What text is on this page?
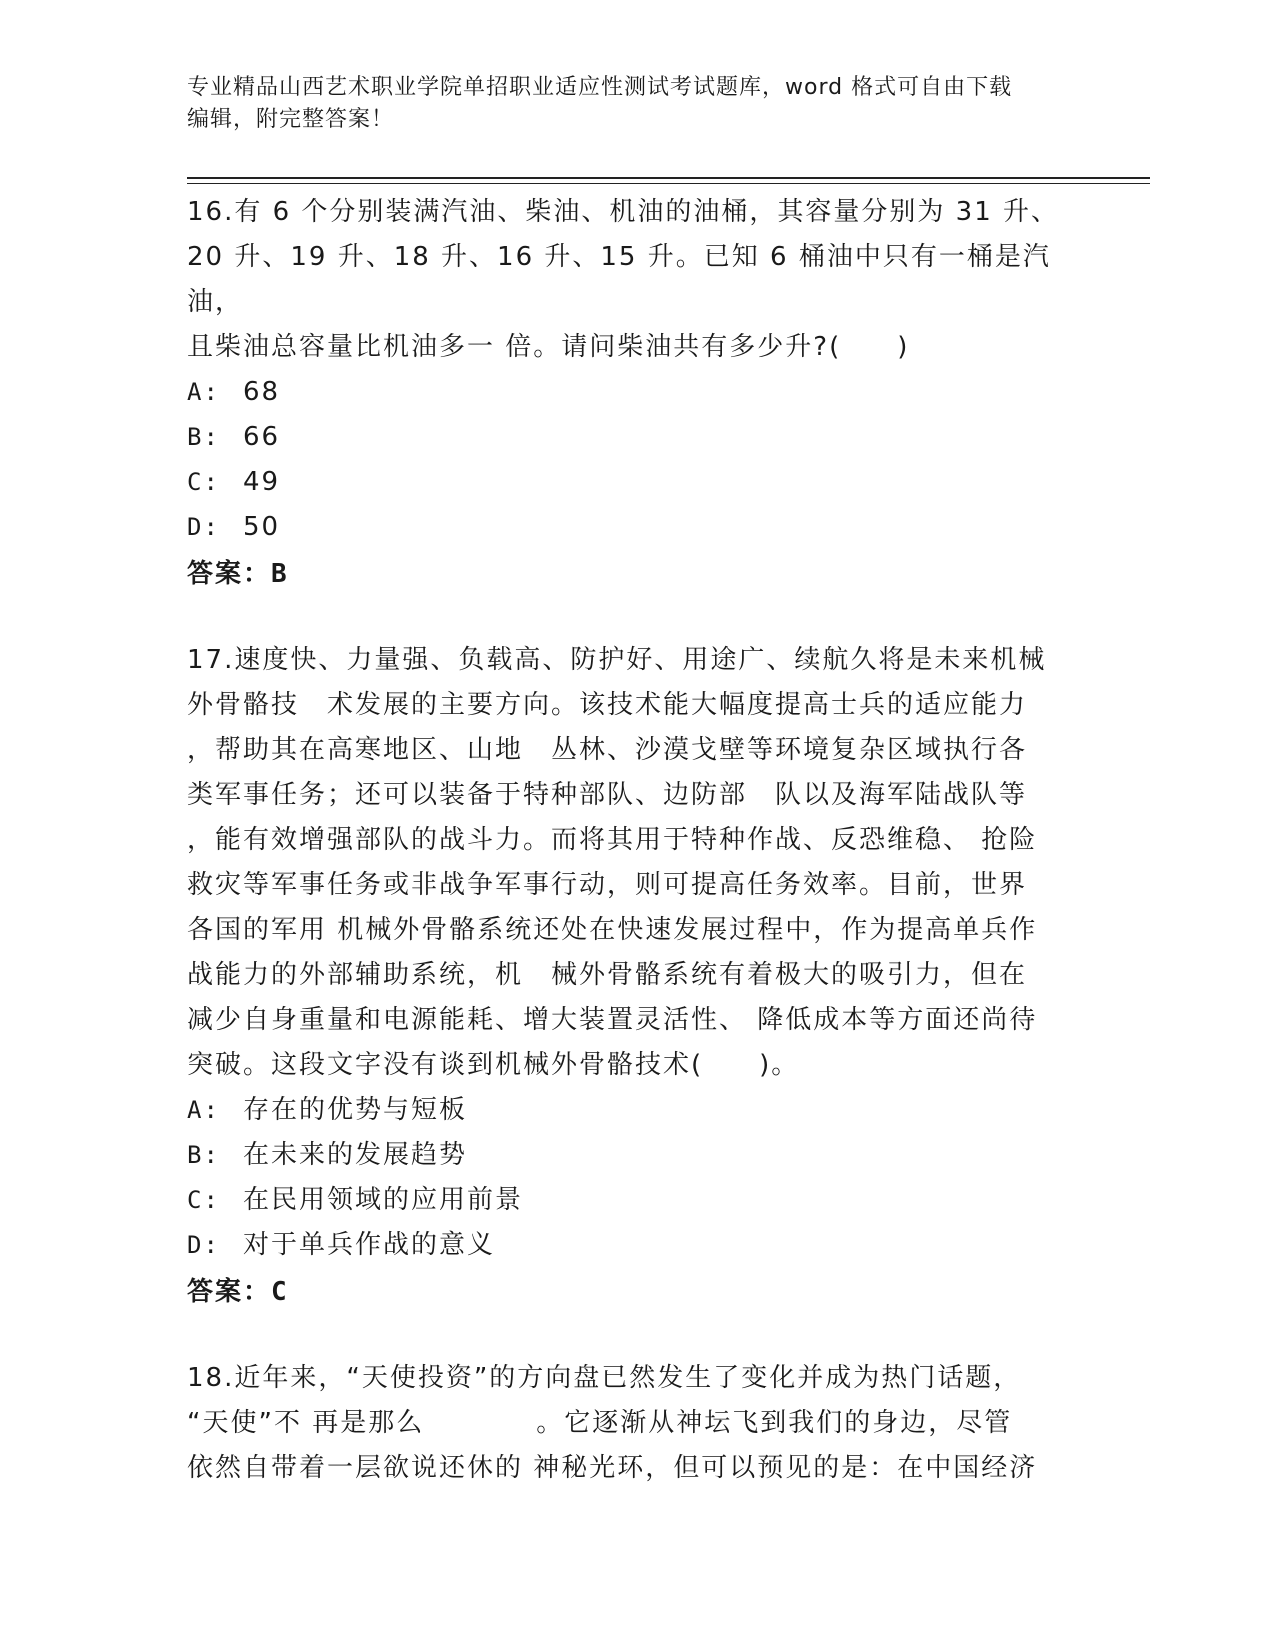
专业精品山西艺术职业学院单招职业适应性测试考试题库，word 格式可自由下载
编辑，附完整答案！

16.有 6 个分别装满汽油、柴油、机油的油桶，其容量分别为 31 升、

20 升、19 升、18 升、16 升、15 升。已知 6 桶油中只有一桶是汽油，

且柴油总容量比机油多一 倍。请问柴油共有多少升?(　　)

A: 68

B: 66

C: 49

D: 50

答案：B

17.速度快、力量强、负载高、防护好、用途广、续航久将是未来机械

外骨骼技　术发展的主要方向。该技术能大幅度提高士兵的适应能力

，帮助其在高寒地区、山地　丛林、沙漠戈壁等环境复杂区域执行各

类军事任务；还可以装备于特种部队、边防部　队以及海军陆战队等

，能有效增强部队的战斗力。而将其用于特种作战、反恐维稳、 抢险

救灾等军事任务或非战争军事行动，则可提高任务效率。目前，世界

各国的军用 机械外骨骼系统还处在快速发展过程中，作为提高单兵作

战能力的外部辅助系统，机　械外骨骼系统有着极大的吸引力，但在

减少自身重量和电源能耗、增大装置灵活性、 降低成本等方面还尚待

突破。这段文字没有谈到机械外骨骼技术(　　)。

A: 存在的优势与短板

B: 在未来的发展趋势

C: 在民用领域的应用前景

D: 对于单兵作战的意义

答案：C

18.近年来，“天使投资”的方向盘已然发生了变化并成为热门话题，

“天使”不 再是那么　　　　。它逐渐从神坛飞到我们的身边，尽管

依然自带着一层欲说还休的 神秘光环，但可以预见的是：在中国经济
